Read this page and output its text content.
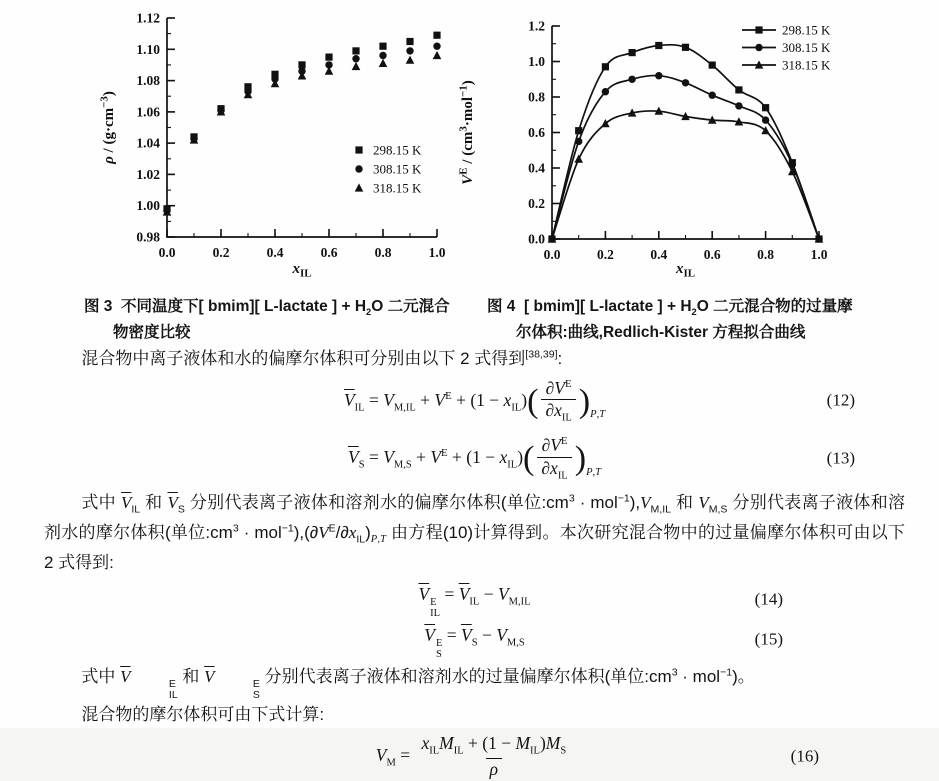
0.0	0.2	0.4	0.6	0.8	1.0
0.98
1.00
1.02
1.04
1.06
1.08
1.10
1.12
298.15 K
308.15 K
318.15 K
$x_{IL}$
$\rho / (g\cdot cm^{-3})$
0.0	0.2	0.4	0.6	0.8	1.0
0.0
0.2
0.4
0.6
0.8
1.0
1.2	298.15 K
308.15 K
318.15 K
$x_{IL}$
$V^E / (cm^3\cdot mol^{-1})$
图 3  不同温度下[ bmim][ L-lactate ] + $H_2O$ 二元混合
物密度比较
图 4  [ bmim][ L-lactate ] + $H_2O$ 二元混合物的过量摩
尔体积:曲线,Redlich-Kister 方程拟合曲线

混合物中离子液体和水的偏摩尔体积可分别由以下 2 式得到[38,39]:

$\overline{V}_{IL} = V_{M,IL} + V^E + (1 - x_{IL})( \frac{\partial V^E}{\partial x_{IL}} )_{P,T}$
(12)
$\overline{V}_S = V_{M,S} + V^E + (1 - x_{IL})( \frac{\partial V^E}{\partial x_{IL}} )_{P,T}$
(13)

式中 $\overline{V}_{IL}$ 和 $\overline{V}_S$ 分别代表离子液体和溶剂水的偏摩尔体积(单位$:cm^3 \cdot mol^{-1}),V_{M,IL}$ 和 $V_{M,S}$ 分别代表离子液体和溶剂水的摩尔体积(单位$:cm^3 \cdot mol^{-1}),(\partial V^E/\partial x_{IL})_{P,T}$ 由方程(10)计算得到。本次研究混合物中的过量偏摩尔体积可由以下 2 式得到:

$\overline{V}$ E
IL
= $\overline{V}_{IL} - V_{M,IL}$	(14)
$\overline{V}$ E
S
= $\overline{V}_S - V_{M,S}$	(15)

式中 $\overline{V}$	E
IL
和 $\overline{V}$	E
S
分别代表离子液体和溶剂水的过量偏摩尔体积(单位$:cm^3 \cdot mol^{-1}$)。

混合物的摩尔体积可由下式计算:

$V_M = \frac{x_{IL}M_{IL} + (1 - M_{IL})M_S}{\rho}$	(16)
